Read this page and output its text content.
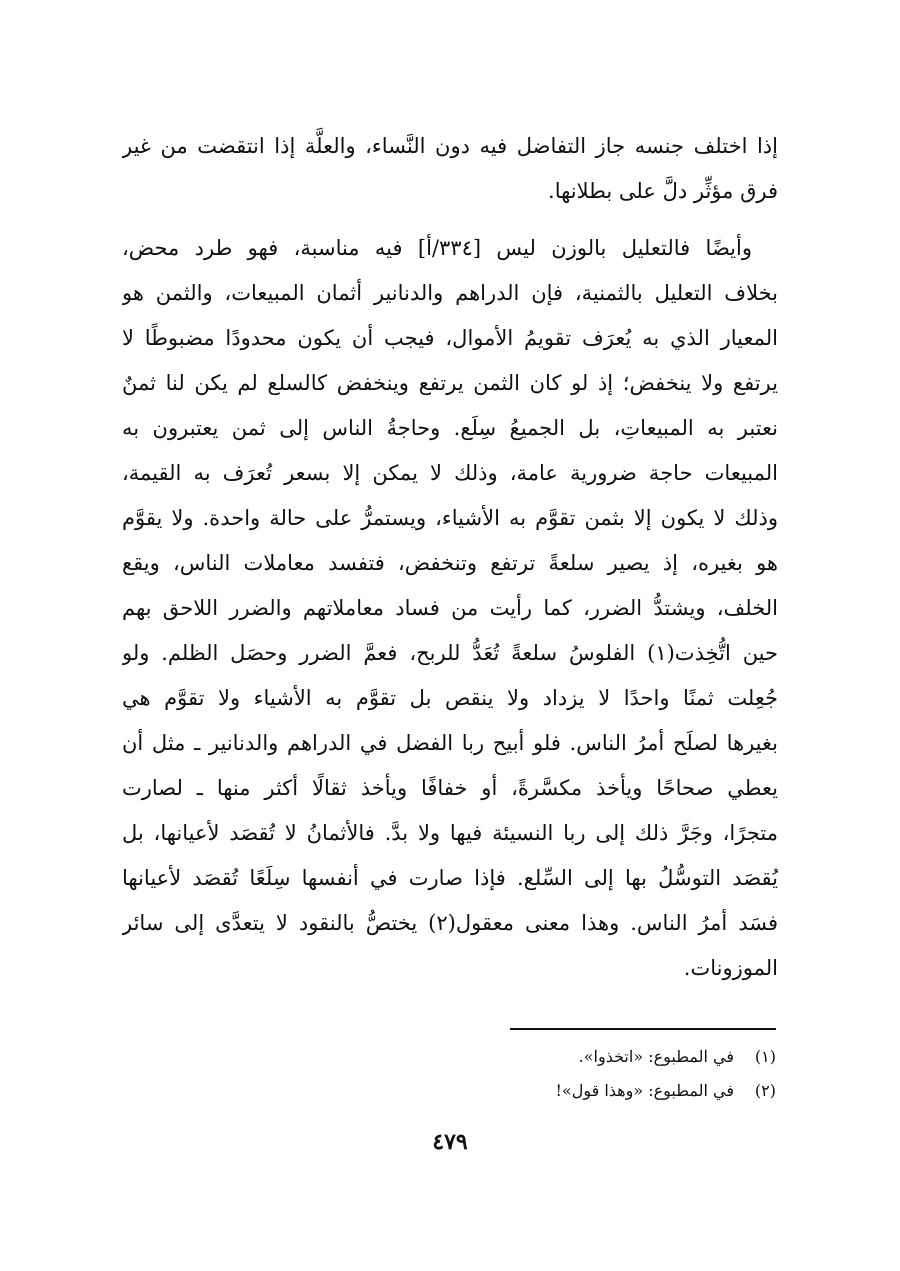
إذا اختلف جنسه جاز التفاضل فيه دون النَّساء، والعلَّة إذا انتقضت من غير
فرق مؤثِّر دلَّ على بطلانها.
وأيضًا فالتعليل بالوزن ليس [٣٣٤/أ] فيه مناسبة، فهو طرد محض،
بخلاف التعليل بالثمنية، فإن الدراهم والدنانير أثمان المبيعات، والثمن هو
المعيار الذي به يُعرَف تقويمُ الأموال، فيجب أن يكون محدودًا مضبوطًا لا
يرتفع ولا ينخفض؛ إذ لو كان الثمن يرتفع وينخفض كالسلع لم يكن لنا ثمنٌ
نعتبر به المبيعاتِ، بل الجميعُ سِلَع. وحاجةُ الناس إلى ثمن يعتبرون به
المبيعات حاجة ضرورية عامة، وذلك لا يمكن إلا بسعر تُعرَف به القيمة،
وذلك لا يكون إلا بثمن تقوَّم به الأشياء، ويستمرُّ على حالة واحدة. ولا يقوَّم
هو بغيره، إذ يصير سلعةً ترتفع وتنخفض، فتفسد معاملات الناس، ويقع
الخلف، ويشتدُّ الضرر، كما رأيت من فساد معاملاتهم والضرر اللاحق بهم
حين اتُّخِذت(١) الفلوسُ سلعةً تُعَدُّ للربح، فعمَّ الضرر وحصَل الظلم. ولو
جُعِلت ثمنًا واحدًا لا يزداد ولا ينقص بل تقوَّم به الأشياء ولا تقوَّم هي
بغيرها لصلَح أمرُ الناس. فلو أبيح ربا الفضل في الدراهم والدنانير ـ مثل أن
يعطي صحاحًا ويأخذ مكسَّرةً، أو خفافًا ويأخذ ثقالًا أكثر منها ـ لصارت
متجرًا، وجَرَّ ذلك إلى ربا النسيئة فيها ولا بدَّ. فالأثمانُ لا تُقصَد لأعيانها، بل
يُقصَد التوسُّلُ بها إلى السِّلع. فإذا صارت في أنفسها سِلَعًا تُقصَد لأعيانها
فسَد أمرُ الناس. وهذا معنى معقول(٢) يختصُّ بالنقود لا يتعدَّى إلى سائر
الموزونات.
(١)في المطبوع: «اتخذوا».
(٢)في المطبوع: «وهذا قول»!
٤٧٩
